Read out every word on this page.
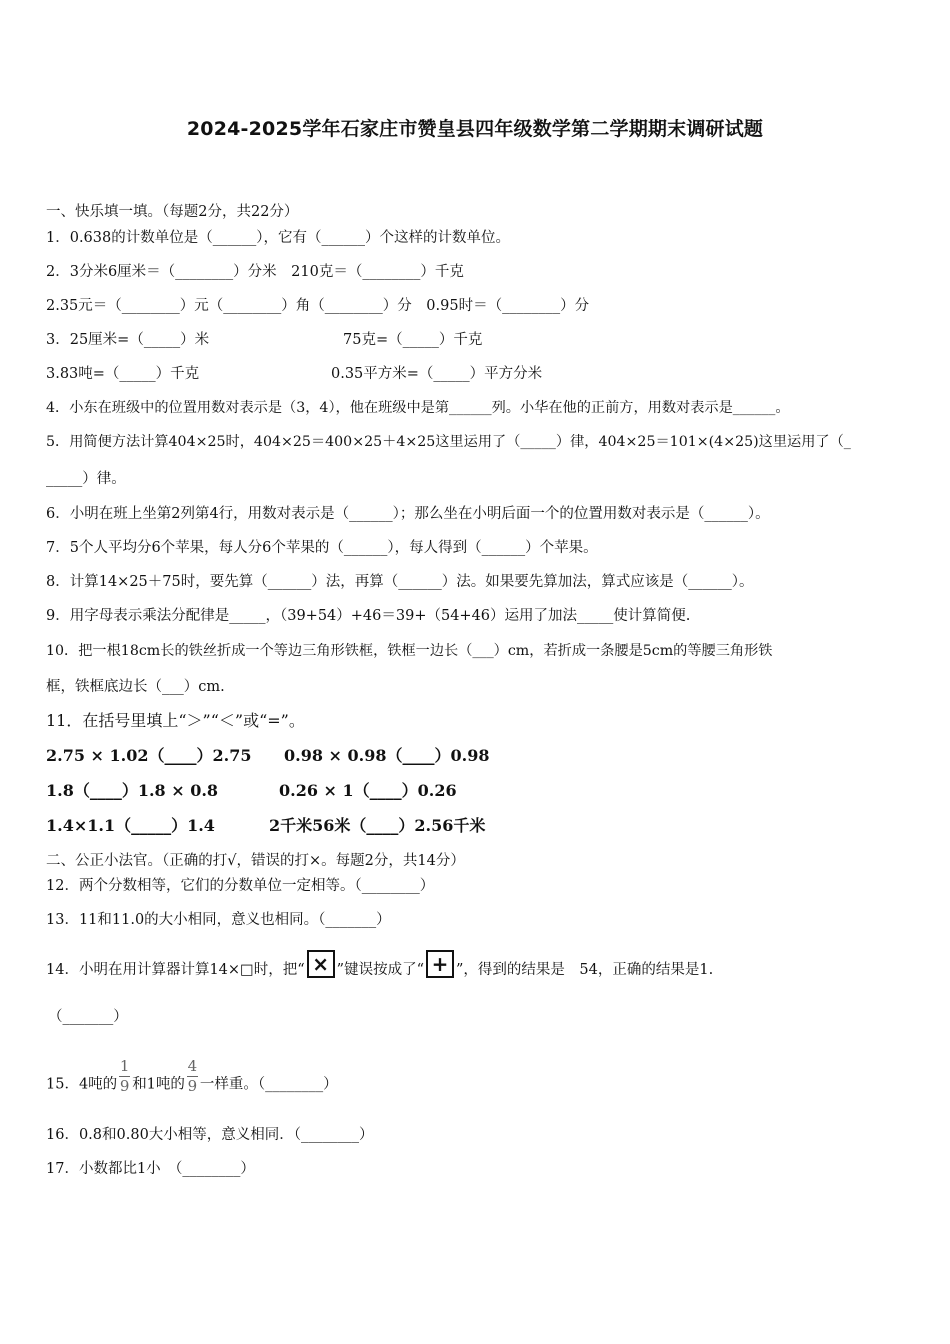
2024-2025学年石家庄市赞皇县四年级数学第二学期期末调研试题
一、快乐填一填。（每题2分，共22分）
1．0.638的计数单位是（______），它有（______）个这样的计数单位。
2．3分米6厘米＝（________）分米　210克＝（________）千克
2.35元＝（________）元（________）角（________）分　0.95时＝（________）分
3．25厘米=（_____）米	75克=（_____）千克
3.83吨=（_____）千克	0.35平方米=（_____）平方分米
4．小东在班级中的位置用数对表示是（3，4），他在班级中是第______列。小华在他的正前方，用数对表示是______。
5．用简便方法计算404×25时，404×25＝400×25＋4×25这里运用了（_____）律，404×25＝101×(4×25)这里运用了（_
_____）律。
6．小明在班上坐第2列第4行，用数对表示是（______）；那么坐在小明后面一个的位置用数对表示是（______）。
7．5个人平均分6个苹果，每人分6个苹果的（______），每人得到（______）个苹果。
8．计算14×25＋75时，要先算（______）法，再算（______）法。如果要先算加法，算式应该是（______）。
9．用字母表示乘法分配律是_____，（39+54）+46＝39+（54+46）运用了加法_____使计算简便.
10．把一根18cm长的铁丝折成一个等边三角形铁框，铁框一边长（___）cm，若折成一条腰是5cm的等腰三角形铁
框，铁框底边长（___）cm.
11．在括号里填上“＞”“＜”或“=”。
2.75 × 1.02（____）2.75 0.98 × 0.98（____）0.98
1.8（____）1.8 × 0.8	0.26 × 1（____）0.26
1.4×1.1（_____）1.4	2千米56米（____）2.56千米
二、公正小法官。（正确的打√，错误的打×。每题2分，共14分）
12．两个分数相等，它们的分数单位一定相等。（________）
13．11和11.0的大小相同，意义也相同。（_______）
14．小明在用计算器计算14×□时，把“ × ”键误按成了“ + ”，得到的结果是　54，正确的结果是1.
（_______）
15．4吨的 $\frac{1}{9}$ 和1吨的 $\frac{4}{9}$ 一样重。（________）
16．0.8和0.80大小相等，意义相同．（________）
17．小数都比1小　（________）
